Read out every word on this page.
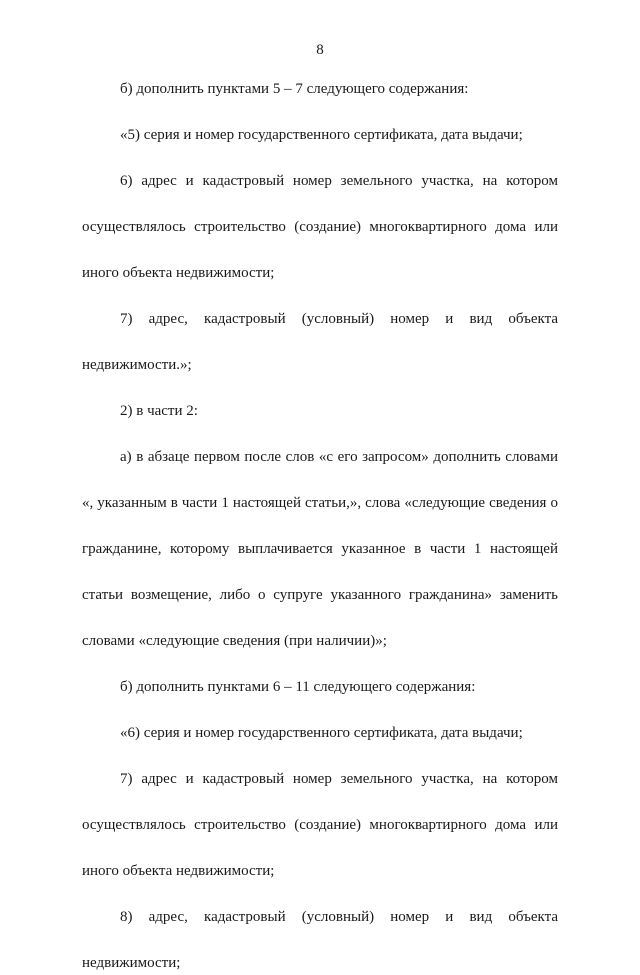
8
б) дополнить пунктами 5 – 7 следующего содержания:
«5) серия и номер государственного сертификата, дата выдачи;
6) адрес и кадастровый номер земельного участка, на котором
осуществлялось строительство (создание) многоквартирного дома или
иного объекта недвижимости;
7) адрес, кадастровый (условный) номер и вид объекта
недвижимости.»;
2) в части 2:
а) в абзаце первом после слов «с его запросом» дополнить словами
«, указанным в части 1 настоящей статьи,», слова «следующие сведения о
гражданине, которому выплачивается указанное в части 1 настоящей
статьи возмещение, либо о супруге указанного гражданина» заменить
словами «следующие сведения (при наличии)»;
б) дополнить пунктами 6 – 11 следующего содержания:
«6) серия и номер государственного сертификата, дата выдачи;
7) адрес и кадастровый номер земельного участка, на котором
осуществлялось строительство (создание) многоквартирного дома или
иного объекта недвижимости;
8) адрес, кадастровый (условный) номер и вид объекта
недвижимости;
